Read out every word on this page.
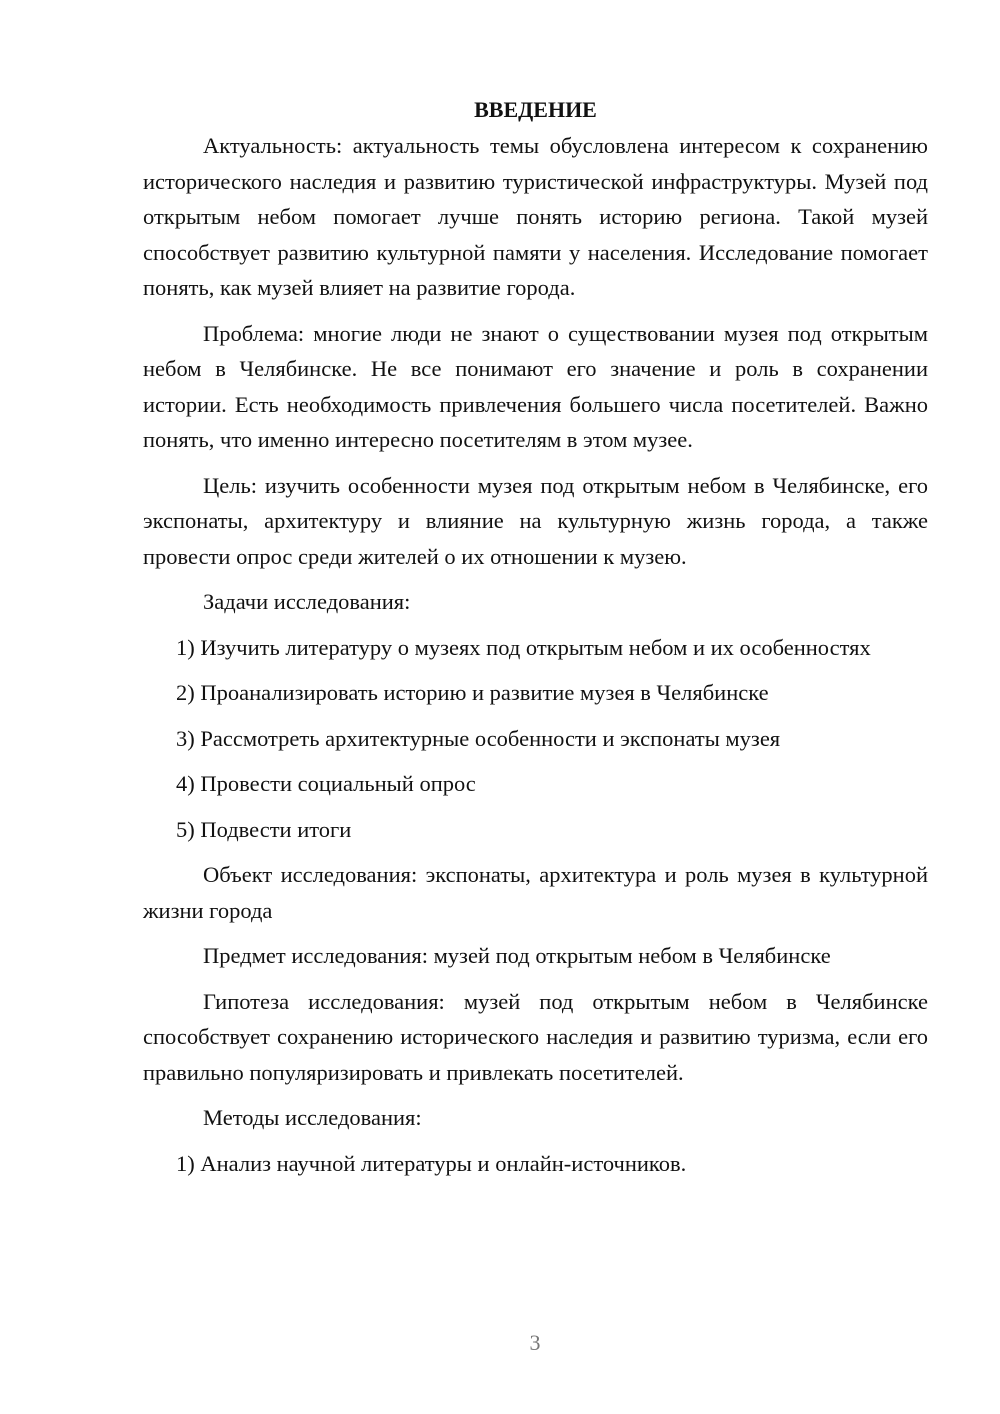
ВВЕДЕНИЕ

Актуальность: актуальность темы обусловлена интересом к сохранению исторического наследия и развитию туристической инфраструктуры. Музей под открытым небом помогает лучше понять историю региона. Такой музей способствует развитию культурной памяти у населения. Исследование помогает понять, как музей влияет на развитие города.

Проблема: многие люди не знают о существовании музея под открытым небом в Челябинске. Не все понимают его значение и роль в сохранении истории. Есть необходимость привлечения большего числа посетителей. Важно понять, что именно интересно посетителям в этом музее.

Цель: изучить особенности музея под открытым небом в Челябинске, его экспонаты, архитектуру и влияние на культурную жизнь города, а также провести опрос среди жителей о их отношении к музею.

Задачи исследования:

1) Изучить литературу о музеях под открытым небом и их особенностях

2) Проанализировать историю и развитие музея в Челябинске

3) Рассмотреть архитектурные особенности и экспонаты музея

4) Провести социальный опрос

5) Подвести итоги

Объект исследования: экспонаты, архитектура и роль музея в культурной жизни города

Предмет исследования: музей под открытым небом в Челябинске

Гипотеза исследования: музей под открытым небом в Челябинске способствует сохранению исторического наследия и развитию туризма, если его правильно популяризировать и привлекать посетителей.

Методы исследования:

1) Анализ научной литературы и онлайн-источников.

3
